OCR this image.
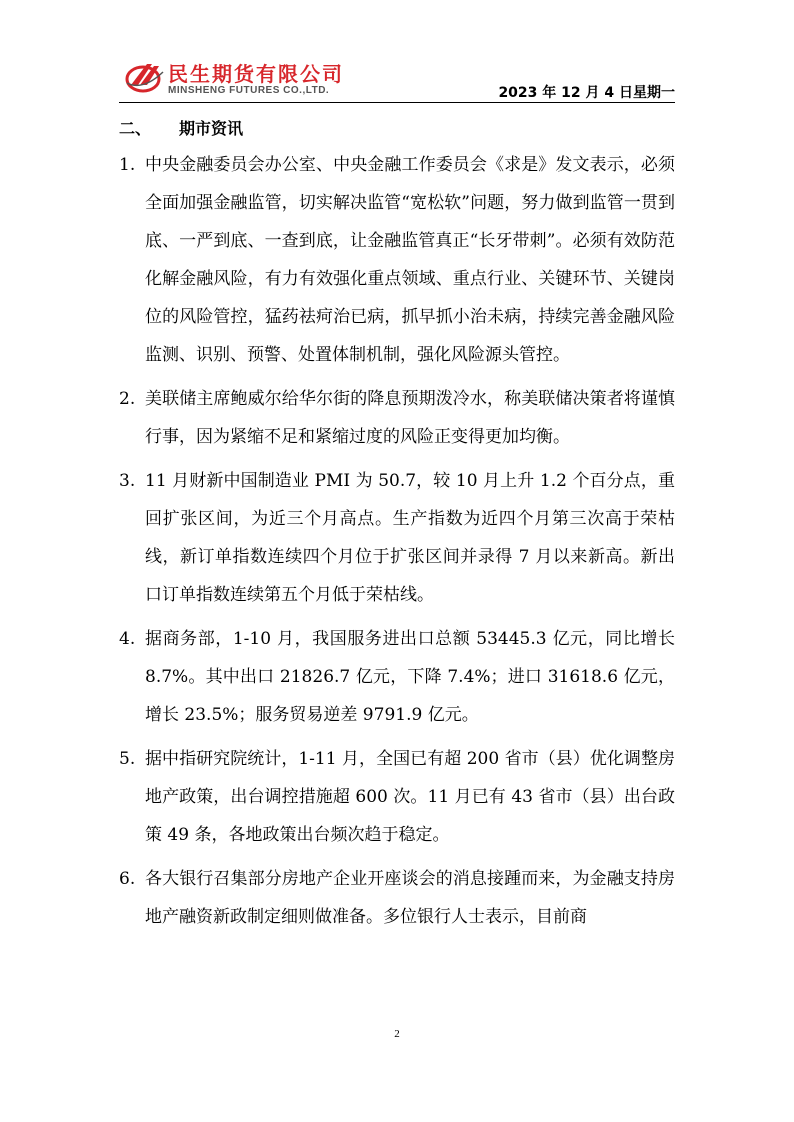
民生期货有限公司
MINSHENG FUTURES CO.,LTD.	2023 年 12 月 4 日星期一
二、 期市资讯
1. 中央金融委员会办公室、中央金融工作委员会《求是》发文表示，必须全面加强金融监管，切实解决监管“宽松软”问题，努力做到监管一贯到底、一严到底、一查到底，让金融监管真正“长牙带刺”。必须有效防范化解金融风险，有力有效强化重点领域、重点行业、关键环节、关键岗位的风险管控，猛药祛疴治已病，抓早抓小治未病，持续完善金融风险监测、识别、预警、处置体制机制，强化风险源头管控。
2. 美联储主席鲍威尔给华尔街的降息预期泼冷水，称美联储决策者将谨慎行事，因为紧缩不足和紧缩过度的风险正变得更加均衡。
3. 11 月财新中国制造业 PMI 为 50.7，较 10 月上升 1.2 个百分点，重回扩张区间，为近三个月高点。生产指数为近四个月第三次高于荣枯线，新订单指数连续四个月位于扩张区间并录得 7 月以来新高。新出口订单指数连续第五个月低于荣枯线。
4. 据商务部，1-10 月，我国服务进出口总额 53445.3 亿元，同比增长 8.7%。其中出口 21826.7 亿元，下降 7.4%；进口 31618.6 亿元，增长 23.5%；服务贸易逆差 9791.9 亿元。
5. 据中指研究院统计，1-11 月，全国已有超 200 省市（县）优化调整房地产政策，出台调控措施超 600 次。11 月已有 43 省市（县）出台政策 49 条，各地政策出台频次趋于稳定。
6. 各大银行召集部分房地产企业开座谈会的消息接踵而来，为金融支持房地产融资新政制定细则做准备。多位银行人士表示，目前商
2
